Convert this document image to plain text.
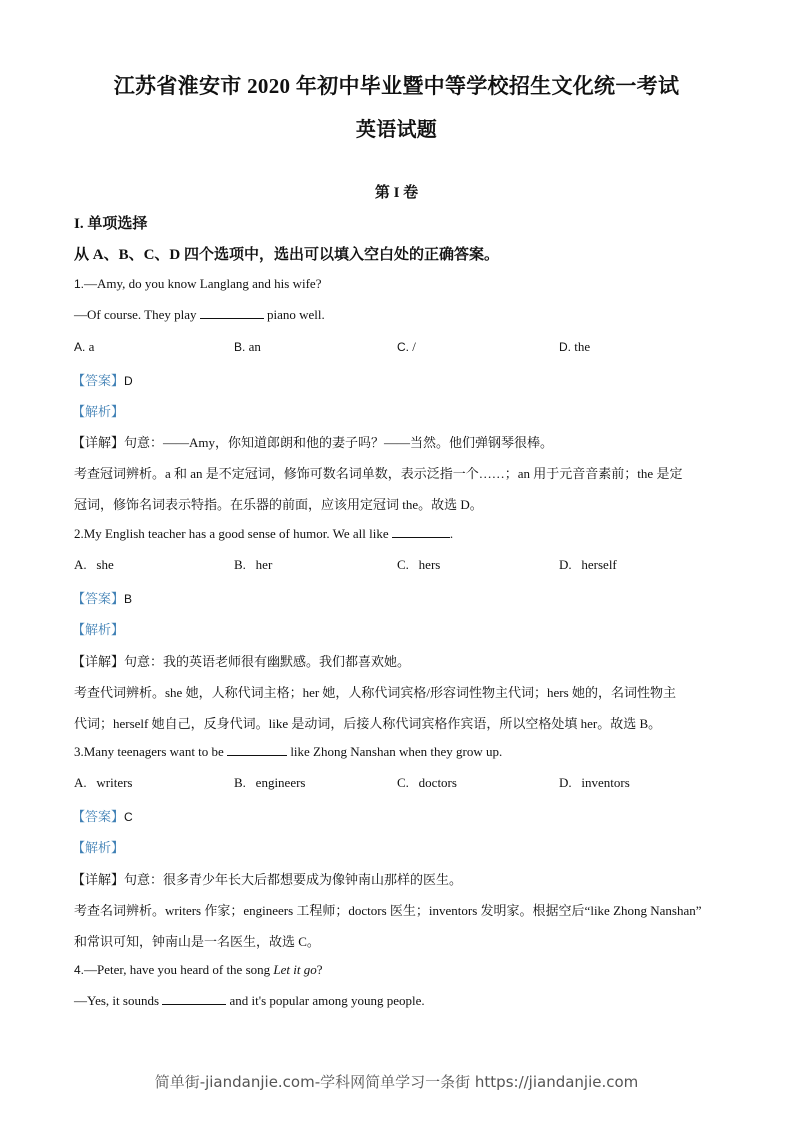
江苏省淮安市 2020 年初中毕业暨中等学校招生文化统一考试
英语试题
第 I 卷
I. 单项选择
从 A、B、C、D 四个选项中，选出可以填入空白处的正确答案。
1.—Amy, do you know Langlang and his wife?
—Of course. They play	piano well.
A. a	B. an	C. /	D. the
【答案】D
【解析】
【详解】句意：——Amy，你知道郎朗和他的妻子吗？——当然。他们弹钢琴很棒。
考查冠词辨析。a 和 an 是不定冠词，修饰可数名词单数，表示泛指一个……；an 用于元音音素前；the 是定
冠词，修饰名词表示特指。在乐器的前面，应该用定冠词 the。故选 D。
2.My English teacher has a good sense of humor. We all like	.
A. she	B. her	C. hers	D. herself
【答案】B
【解析】
【详解】句意：我的英语老师很有幽默感。我们都喜欢她。
考查代词辨析。she 她，人称代词主格；her 她，人称代词宾格/形容词性物主代词；hers 她的，名词性物主
代词；herself 她自己，反身代词。like 是动词，后接人称代词宾格作宾语，所以空格处填 her。故选 B。
3.Many teenagers want to be	like Zhong Nanshan when they grow up.
A. writers	B. engineers	C. doctors	D. inventors
【答案】C
【解析】
【详解】句意：很多青少年长大后都想要成为像钟南山那样的医生。
考查名词辨析。writers 作家；engineers 工程师；doctors 医生；inventors 发明家。根据空后“like Zhong Nanshan”
和常识可知，钟南山是一名医生，故选 C。
4.—Peter, have you heard of the song Let it go?
—Yes, it sounds	and it's popular among young people.
简单街-jiandanjie.com-学科网简单学习一条街 https://jiandanjie.com
